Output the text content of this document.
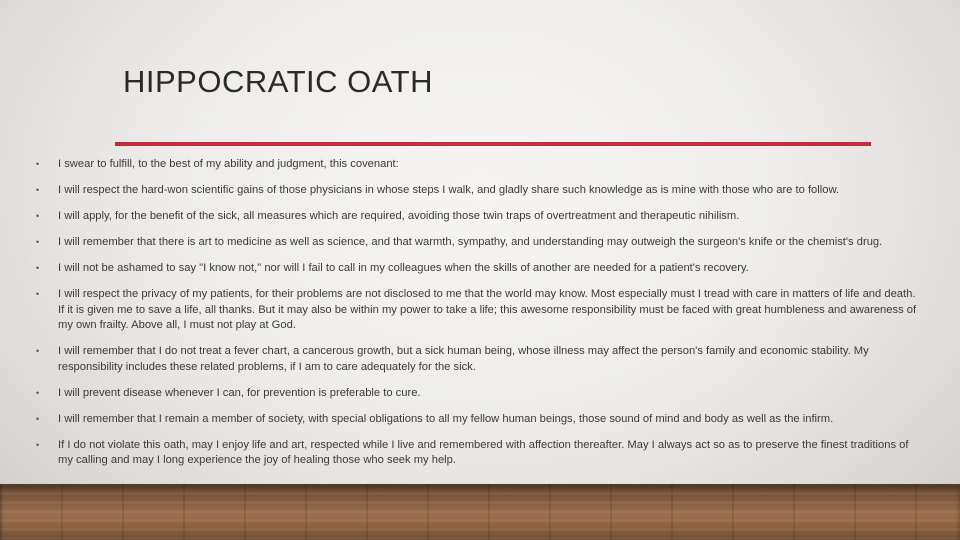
HIPPOCRATIC OATH
• I swear to fulfill, to the best of my ability and judgment, this covenant:
• I will respect the hard-won scientific gains of those physicians in whose steps I walk, and gladly share such knowledge as is mine with those who are to follow.
• I will apply, for the benefit of the sick, all measures which are required, avoiding those twin traps of overtreatment and therapeutic nihilism.
• I will remember that there is art to medicine as well as science, and that warmth, sympathy, and understanding may outweigh the surgeon's knife or the chemist's drug.
• I will not be ashamed to say "I know not," nor will I fail to call in my colleagues when the skills of another are needed for a patient's recovery.
• I will respect the privacy of my patients, for their problems are not disclosed to me that the world may know. Most especially must I tread with care in matters of life and death. If it is given me to save a life, all thanks. But it may also be within my power to take a life; this awesome responsibility must be faced with great humbleness and awareness of my own frailty. Above all, I must not play at God.
• I will remember that I do not treat a fever chart, a cancerous growth, but a sick human being, whose illness may affect the person's family and economic stability. My responsibility includes these related problems, if I am to care adequately for the sick.
• I will prevent disease whenever I can, for prevention is preferable to cure.
• I will remember that I remain a member of society, with special obligations to all my fellow human beings, those sound of mind and body as well as the infirm.
• If I do not violate this oath, may I enjoy life and art, respected while I live and remembered with affection thereafter. May I always act so as to preserve the finest traditions of my calling and may I long experience the joy of healing those who seek my help.
